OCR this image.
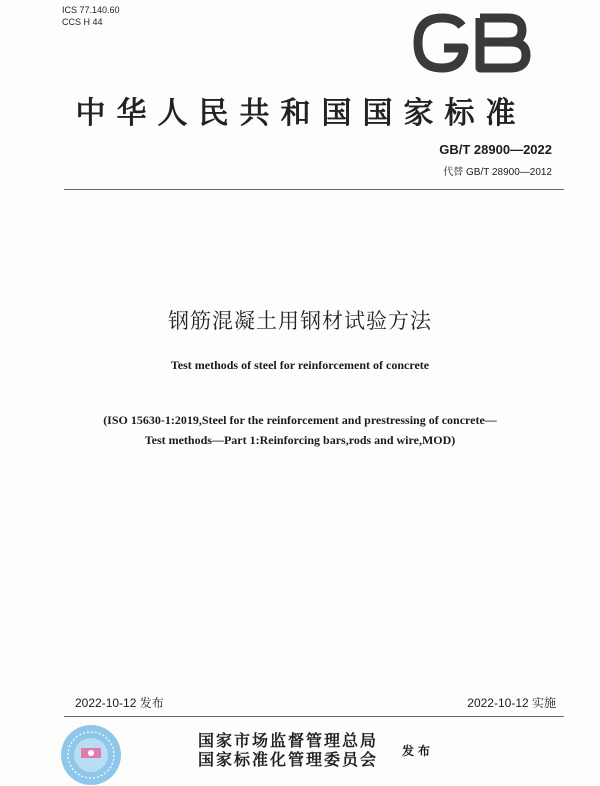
ICS 77.140.60
CCS H 44
中华人民共和国国家标准
GB/T 28900—2022
代替 GB/T 28900—2012
钢筋混凝土用钢材试验方法
Test methods of steel for reinforcement of concrete
(ISO 15630-1:2019,Steel for the reinforcement and prestressing of concrete—
Test methods—Part 1:Reinforcing bars,rods and wire,MOD)
2022-10-12 发布	2022-10-12 实施
国家市场监督管理总局
国家标准化管理委员会 发布
